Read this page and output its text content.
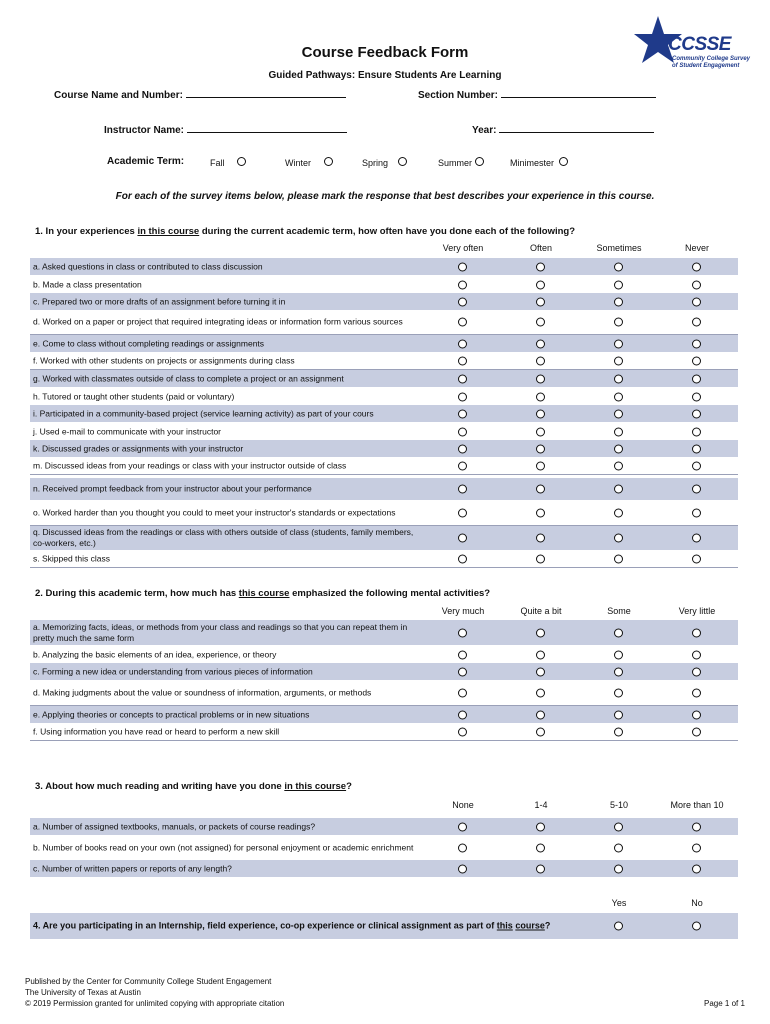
CCSSE
Community College Survey
of Student Engagement
Course Feedback Form
Guided Pathways: Ensure Students Are Learning
Course Name and Number:	Section Number:
Instructor Name:	Year:
Academic Term:	Fall	Winter	Spring	Summer	Minimester
For each of the survey items below, please mark the response that best describes your experience in this course.
1. In your experiences in this course during the current academic term, how often have you done each of the following?
Very often	Often	Sometimes	Never
a. Asked questions in class or contributed to class discussion
b. Made a class presentation
c. Prepared two or more drafts of an assignment before turning it in
d. Worked on a paper or project that required integrating ideas or information form various sources
e. Come to class without completing readings or assignments
f. Worked with other students on projects or assignments during class
g. Worked with classmates outside of class to complete a project or an assignment
h. Tutored or taught other students (paid or voluntary)
i. Participated in a community-based project (service learning activity) as part of your cours
j. Used e-mail to communicate with your instructor
k. Discussed grades or assignments with your instructor
m. Discussed ideas from your readings or class with your instructor outside of class
n. Received prompt feedback from your instructor about your performance
o. Worked harder than you thought you could to meet your instructor's standards or expectations
q. Discussed ideas from the readings or class with others outside of class (students, family members, co-workers, etc.)
s. Skipped this class
2. During this academic term, how much has this course emphasized the following mental activities?
Very much	Quite a bit	Some	Very little
a. Memorizing facts, ideas, or methods from your class and readings so that you can repeat them in pretty much the same form
b. Analyzing the basic elements of an idea, experience, or theory
c. Forming a new idea or understanding from various pieces of information
d. Making judgments about the value or soundness of information, arguments, or methods
e. Applying theories or concepts to practical problems or in new situations
f. Using information you have read or heard to perform a new skill
3. About how much reading and writing have you done in this course?
None	1-4	5-10	More than 10
a. Number of assigned textbooks, manuals, or packets of course readings?
b. Number of books read on your own (not assigned) for personal enjoyment or academic enrichment
c. Number of written papers or reports of any length?
Yes	No
4. Are you participating in an Internship, field experience, co-op experience or clinical assignment as part of this course?
Published by the Center for Community College Student Engagement
The University of Texas at Austin
© 2019 Permission granted for unlimited copying with appropriate citation	Page 1 of 1
